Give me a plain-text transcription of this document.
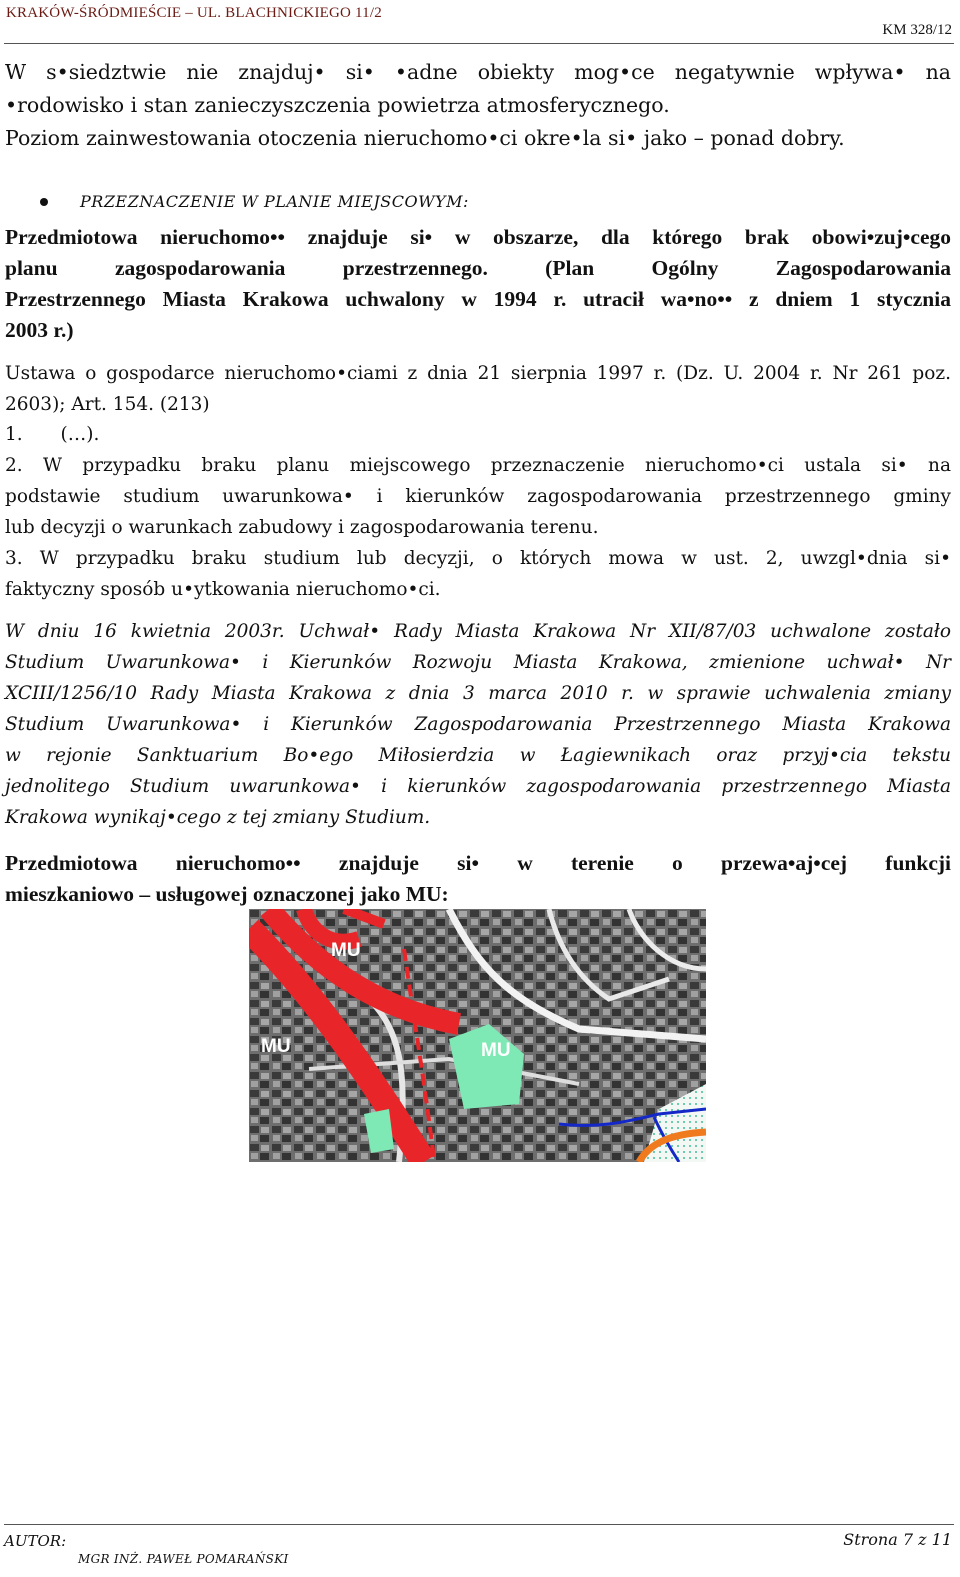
KRAKÓW-ŚRÓDMIEŚCIE – UL. BLACHNICKIEGO 11/2
KM 328/12
W s•siedztwie nie znajduj• si• •adne obiekty mog•ce negatywnie wpływa• na
•rodowisko i stan zanieczyszczenia powietrza atmosferycznego.
Poziom zainwestowania otoczenia nieruchomo•ci okre•la si• jako – ponad dobry.
PRZEZNACZENIE W PLANIE MIEJSCOWYM:
Przedmiotowa nieruchomo•• znajduje si• w obszarze, dla którego brak obowi•zuj•cego
planu zagospodarowania przestrzennego. (Plan Ogólny Zagospodarowania
Przestrzennego Miasta Krakowa uchwalony w 1994 r. utracił wa•no•• z dniem 1 stycznia
2003 r.)
Ustawa o gospodarce nieruchomo•ciami z dnia 21 sierpnia 1997 r. (Dz. U. 2004 r. Nr 261 poz.
2603); Art. 154. (213)
1. (…).
2. W przypadku braku planu miejscowego przeznaczenie nieruchomo•ci ustala si• na
podstawie studium uwarunkowa• i kierunków zagospodarowania przestrzennego gminy
lub decyzji o warunkach zabudowy i zagospodarowania terenu.
3. W przypadku braku studium lub decyzji, o których mowa w ust. 2, uwzgl•dnia si•
faktyczny sposób u•ytkowania nieruchomo•ci.
W dniu 16 kwietnia 2003r. Uchwał• Rady Miasta Krakowa Nr XII/87/03 uchwalone zostało
Studium Uwarunkowa• i Kierunków Rozwoju Miasta Krakowa, zmienione uchwał• Nr
XCIII/1256/10 Rady Miasta Krakowa z dnia 3 marca 2010 r. w sprawie uchwalenia zmiany
Studium Uwarunkowa• i Kierunków Zagospodarowania Przestrzennego Miasta Krakowa
w rejonie Sanktuarium Bo•ego Miłosierdzia w Łagiewnikach oraz przyj•cia tekstu
jednolitego Studium uwarunkowa• i kierunków zagospodarowania przestrzennego Miasta
Krakowa wynikaj•cego z tej zmiany Studium.
Przedmiotowa nieruchomo•• znajduje si• w terenie o przewa•aj•cej funkcji
mieszkaniowo – usługowej oznaczonej jako MU:
MU
MU	MU
AUTOR:
MGR INŻ. PAWEŁ POMARAŃSKI
Strona 7 z 11
